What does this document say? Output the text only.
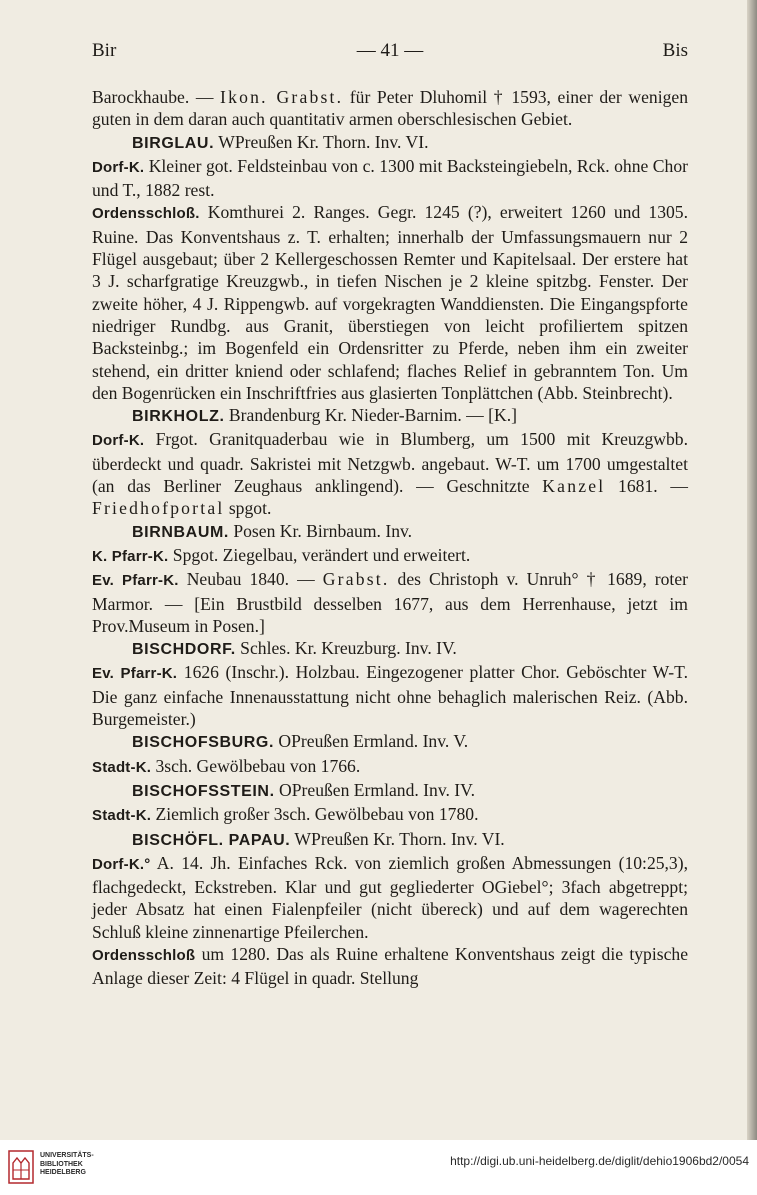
Bir	— 41 —	Bis

Barockhaube. — Ikon. Grabst. für Peter Dluhomil † 1593, einer der wenigen guten in dem daran auch quantitativ armen oberschlesischen Gebiet.

BIRGLAU. WPreußen Kr. Thorn. Inv. VI.

Dorf-K. Kleiner got. Feldsteinbau von c. 1300 mit Backsteingiebeln, Rck. ohne Chor und T., 1882 rest.

Ordensschloß. Komthurei 2. Ranges. Gegr. 1245 (?), erweitert 1260 und 1305. Ruine. Das Konventshaus z. T. erhalten; innerhalb der Umfassungsmauern nur 2 Flügel ausgebaut; über 2 Kellergeschossen Remter und Kapitelsaal. Der erstere hat 3 J. scharfgratige Kreuzgwb., in tiefen Nischen je 2 kleine spitzbg. Fenster. Der zweite höher, 4 J. Rippengwb. auf vorgekragten Wanddiensten. Die Eingangspforte niedriger Rundbg. aus Granit, überstiegen von leicht profiliertem spitzen Backsteinbg.; im Bogenfeld ein Ordensritter zu Pferde, neben ihm ein zweiter stehend, ein dritter kniend oder schlafend; flaches Relief in gebranntem Ton. Um den Bogenrücken ein Inschriftfries aus glasierten Tonplättchen (Abb. Steinbrecht).

BIRKHOLZ. Brandenburg Kr. Nieder-Barnim. — [K.]

Dorf-K. Frgot. Granitquaderbau wie in Blumberg, um 1500 mit Kreuzgwbb. überdeckt und quadr. Sakristei mit Netzgwb. angebaut. W-T. um 1700 umgestaltet (an das Berliner Zeughaus anklingend). — Geschnitzte Kanzel 1681. — Friedhofportal spgot.

BIRNBAUM. Posen Kr. Birnbaum. Inv.

K. Pfarr-K. Spgot. Ziegelbau, verändert und erweitert.

Ev. Pfarr-K. Neubau 1840. — Grabst. des Christoph v. Unruh° † 1689, roter Marmor. — [Ein Brustbild desselben 1677, aus dem Herrenhause, jetzt im Prov.Museum in Posen.]

BISCHDORF. Schles. Kr. Kreuzburg. Inv. IV.

Ev. Pfarr-K. 1626 (Inschr.). Holzbau. Eingezogener platter Chor. Geböschter W-T. Die ganz einfache Innenausstattung nicht ohne behaglich malerischen Reiz. (Abb. Burgemeister.)

BISCHOFSBURG. OPreußen Ermland. Inv. V.

Stadt-K. 3sch. Gewölbebau von 1766.

BISCHOFSSTEIN. OPreußen Ermland. Inv. IV.

Stadt-K. Ziemlich großer 3sch. Gewölbebau von 1780.

BISCHÖFL. PAPAU. WPreußen Kr. Thorn. Inv. VI.

Dorf-K.° A. 14. Jh. Einfaches Rck. von ziemlich großen Abmessungen (10:25,3), flachgedeckt, Eckstreben. Klar und gut gegliederter OGiebel°; 3fach abgetreppt; jeder Absatz hat einen Fialenpfeiler (nicht übereck) und auf dem wagerechten Schluß kleine zinnenartige Pfeilerchen.

Ordensschloß um 1280. Das als Ruine erhaltene Konventshaus zeigt die typische Anlage dieser Zeit: 4 Flügel in quadr. Stellung

UNIVERSITÄTS-
BIBLIOTHEK
HEIDELBERG
http://digi.ub.uni-heidelberg.de/diglit/dehio1906bd2/0054
